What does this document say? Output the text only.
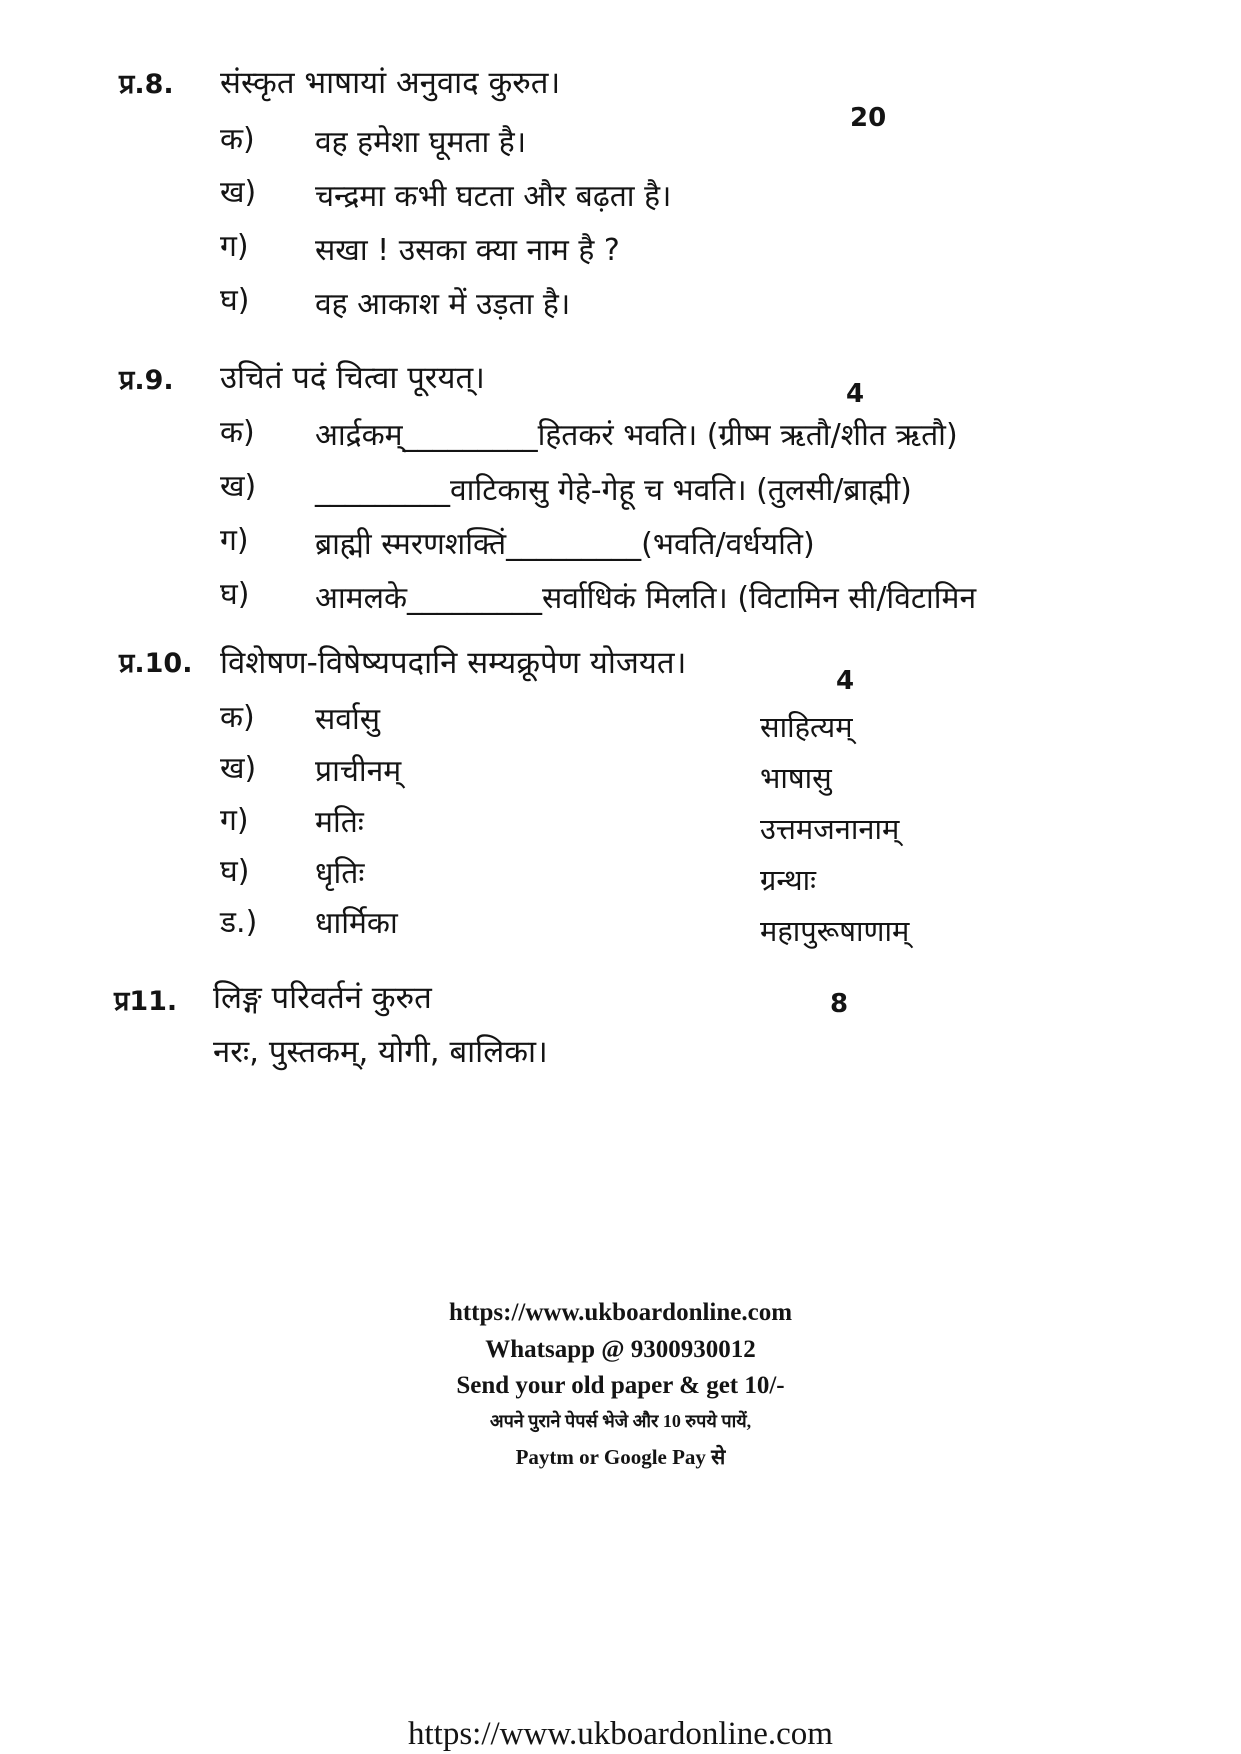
प्र.8. संस्कृत भाषायां अनुवाद कुरुत।
20
क) वह हमेशा घूमता है।
ख) चन्द्रमा कभी घटता और बढ़ता है।
ग) सखा ! उसका क्या नाम है ?
घ) वह आकाश में उड़ता है।
प्र.9. उचितं पदं चित्वा पूरयत्।	4
क) आर्द्रकम्_________हितकरं भवति। (ग्रीष्म ऋतौ/शीत ऋतौ)
ख) _________वाटिकासु गेहे-गेहू च भवति। (तुलसी/ब्राह्मी)
ग) ब्राह्मी स्मरणशक्तिं_________(भवति/वर्धयति)
घ) आमलके_________सर्वाधिकं मिलति। (विटामिन सी/विटामिन
प्र.10. विशेषण-विषेष्यपदानि सम्यक्रूपेण योजयत।	4
क) सर्वासु	साहित्यम्
ख) प्राचीनम्	भाषासु
ग) मतिः	उत्तमजनानाम्
घ) धृतिः	ग्रन्थाः
ड.) धार्मिका	महापुरूषाणाम्
प्र11. लिङ्ग परिवर्तनं कुरुत	8
नरः, पुस्तकम्, योगी, बालिका।
https://www.ukboardonline.com
Whatsapp @ 9300930012
Send your old paper & get 10/-
अपने पुराने पेपर्स भेजे और 10 रुपये पायें,
Paytm or Google Pay से
https://www.ukboardonline.com
